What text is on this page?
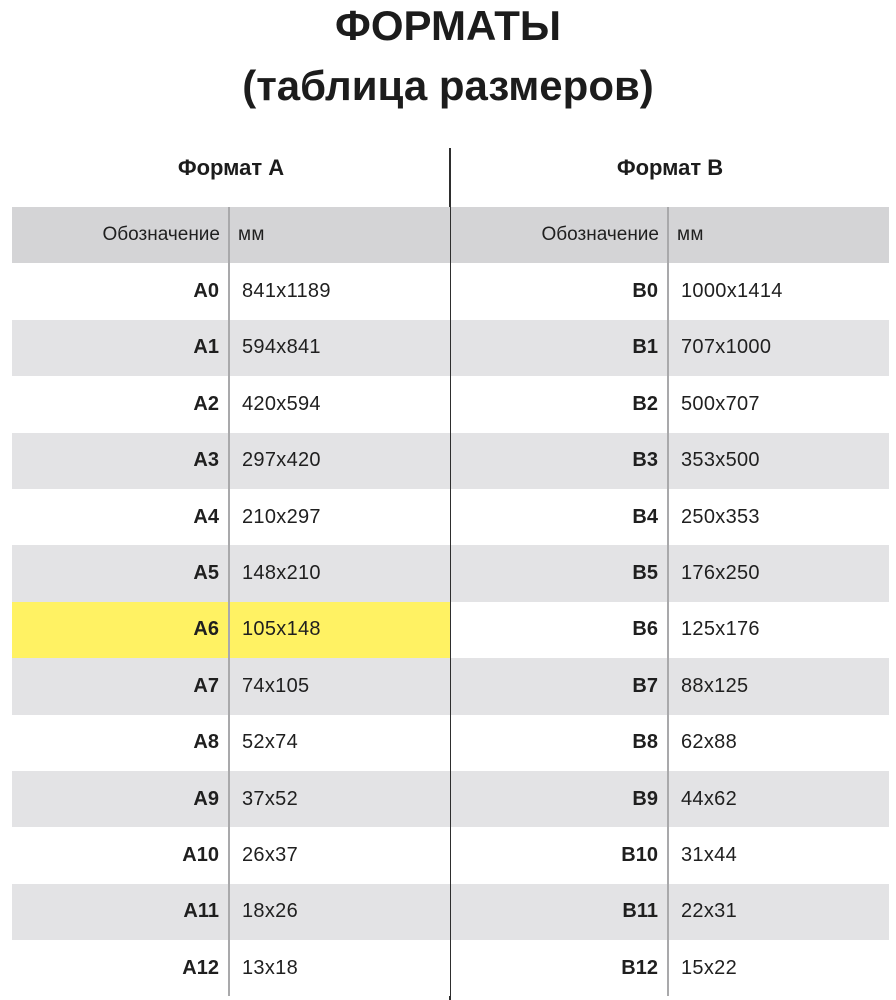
ФОРМАТЫ
(таблица размеров)
Формат А
Обозначение мм
A0	841x1189
A1	594x841
A2	420x594
A3	297x420
A4	210x297
A5	148x210
A6	105x148
A7	74x105
A8	52x74
A9	37x52
A10	26x37
A11	18x26
A12	13x18
Формат В
Обозначение мм
B0	1000x1414
B1	707x1000
B2	500x707
B3	353x500
B4	250x353
B5	176x250
B6	125x176
B7	88x125
B8	62x88
B9	44x62
B10	31x44
B11	22x31
B12	15x22
